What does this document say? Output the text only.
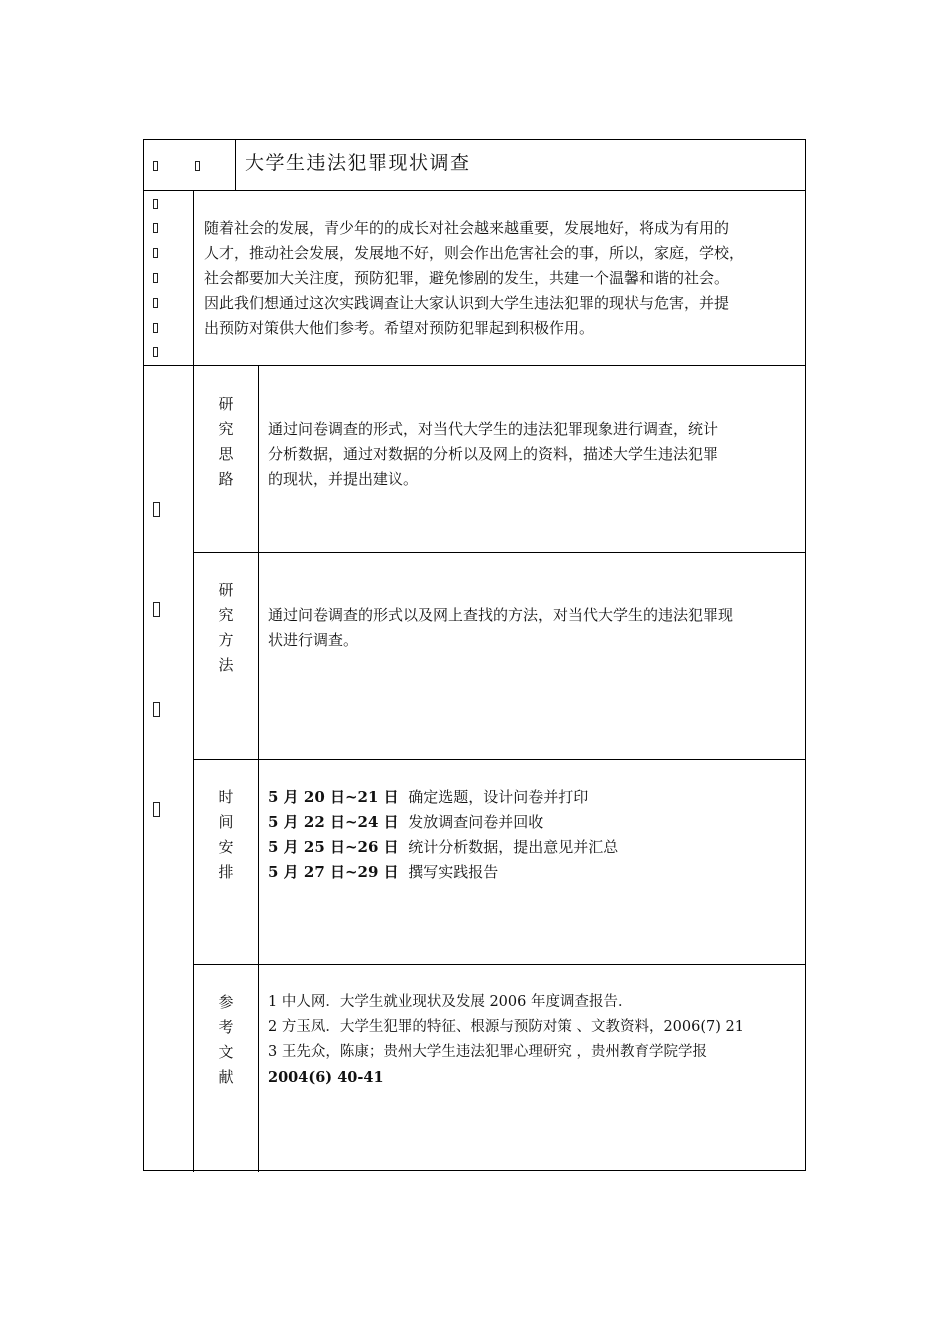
大学生违法犯罪现状调查
随着社会的发展，青少年的的成长对社会越来越重要，发展地好，将成为有用的
人才，推动社会发展，发展地不好，则会作出危害社会的事，所以，家庭，学校，
社会都要加大关注度，预防犯罪，避免惨剧的发生，共建一个温馨和谐的社会。
因此我们想通过这次实践调查让大家认识到大学生违法犯罪的现状与危害，并提
出预防对策供大他们参考。希望对预防犯罪起到积极作用。
研
究
思
路
通过问卷调查的形式，对当代大学生的违法犯罪现象进行调查，统计
分析数据，通过对数据的分析以及网上的资料，描述大学生违法犯罪
的现状，并提出建议。
研
究
方
法
通过问卷调查的形式以及网上查找的方法，对当代大学生的违法犯罪现
状进行调查。
时
间
安
排
5 月 20 日~21 日 确定选题，设计问卷并打印
5 月 22 日~24 日 发放调查问卷并回收
5 月 25 日~26 日 统计分析数据，提出意见并汇总
5 月 27 日~29 日 撰写实践报告
参
考
文
献
1 中人网．大学生就业现状及发展 2006 年度调查报告．
2 方玉凤．大学生犯罪的特征、根源与预防对策 、文教资料，2006(7) 21
3 王先众，陈康；贵州大学生违法犯罪心理研究 ，贵州教育学院学报
2004(6) 40-41
